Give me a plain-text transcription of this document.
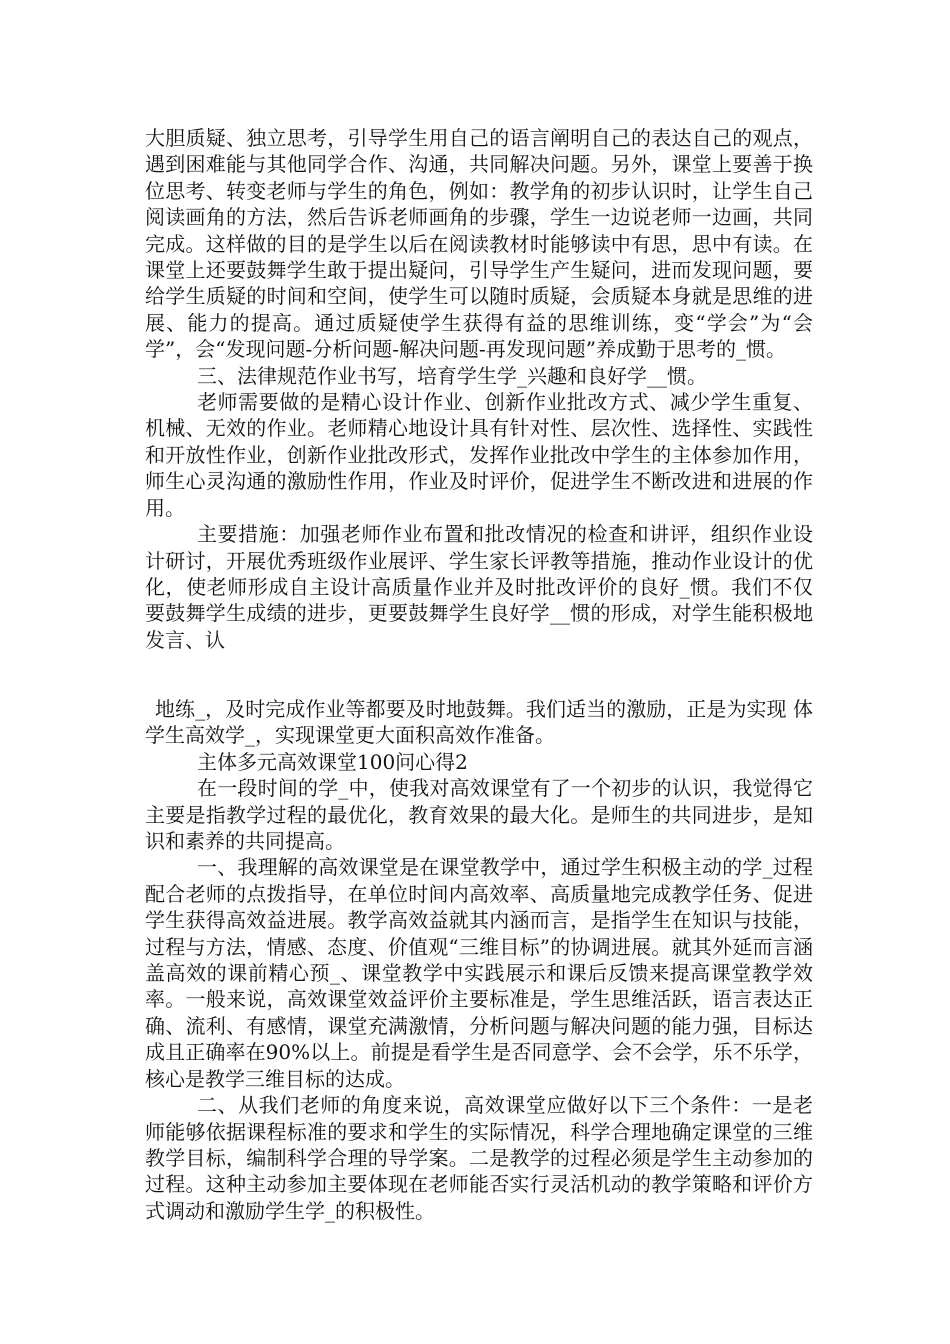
大胆质疑、独立思考，引导学生用自己的语言阐明自己的表达自己的观点，遇到困难能与其他同学合作、沟通，共同解决问题。另外，课堂上要善于换位思考、转变老师与学生的角色，例如：教学角的初步认识时，让学生自己阅读画角的方法，然后告诉老师画角的步骤，学生一边说老师一边画，共同完成。这样做的目的是学生以后在阅读教材时能够读中有思，思中有读。在课堂上还要鼓舞学生敢于提出疑问，引导学生产生疑问，进而发现问题，要给学生质疑的时间和空间，使学生可以随时质疑，会质疑本身就是思维的进展、能力的提高。通过质疑使学生获得有益的思维训练，变“学会”为“会学”，会“发现问题-分析问题-解决问题-再发现问题”养成勤于思考的_惯。

三、法律规范作业书写，培育学生学_兴趣和良好学__惯。

老师需要做的是精心设计作业、创新作业批改方式、减少学生重复、机械、无效的作业。老师精心地设计具有针对性、层次性、选择性、实践性和开放性作业，创新作业批改形式，发挥作业批改中学生的主体参加作用，师生心灵沟通的激励性作用，作业及时评价，促进学生不断改进和进展的作用。

主要措施：加强老师作业布置和批改情况的检查和讲评，组织作业设计研讨，开展优秀班级作业展评、学生家长评教等措施，推动作业设计的优化，使老师形成自主设计高质量作业并及时批改评价的良好_惯。我们不仅要鼓舞学生成绩的进步，更要鼓舞学生良好学__惯的形成，对学生能积极地发言、认

地练_，及时完成作业等都要及时地鼓舞。我们适当的激励，正是为实现 体学生高效学_，实现课堂更大面积高效作准备。

主体多元高效课堂100问心得2

在一段时间的学_中，使我对高效课堂有了一个初步的认识，我觉得它主要是指教学过程的最优化，教育效果的最大化。是师生的共同进步，是知识和素养的共同提高。

一、我理解的高效课堂是在课堂教学中，通过学生积极主动的学_过程配合老师的点拨指导，在单位时间内高效率、高质量地完成教学任务、促进学生获得高效益进展。教学高效益就其内涵而言，是指学生在知识与技能，过程与方法，情感、态度、价值观“三维目标”的协调进展。就其外延而言涵盖高效的课前精心预_、课堂教学中实践展示和课后反馈来提高课堂教学效率。一般来说，高效课堂效益评价主要标准是，学生思维活跃，语言表达正确、流利、有感情，课堂充满激情，分析问题与解决问题的能力强，目标达成且正确率在90%以上。前提是看学生是否同意学、会不会学，乐不乐学，核心是教学三维目标的达成。

二、从我们老师的角度来说，高效课堂应做好以下三个条件：一是老师能够依据课程标准的要求和学生的实际情况，科学合理地确定课堂的三维教学目标，编制科学合理的导学案。二是教学的过程必须是学生主动参加的过程。这种主动参加主要体现在老师能否实行灵活机动的教学策略和评价方式调动和激励学生学_的积极性。
